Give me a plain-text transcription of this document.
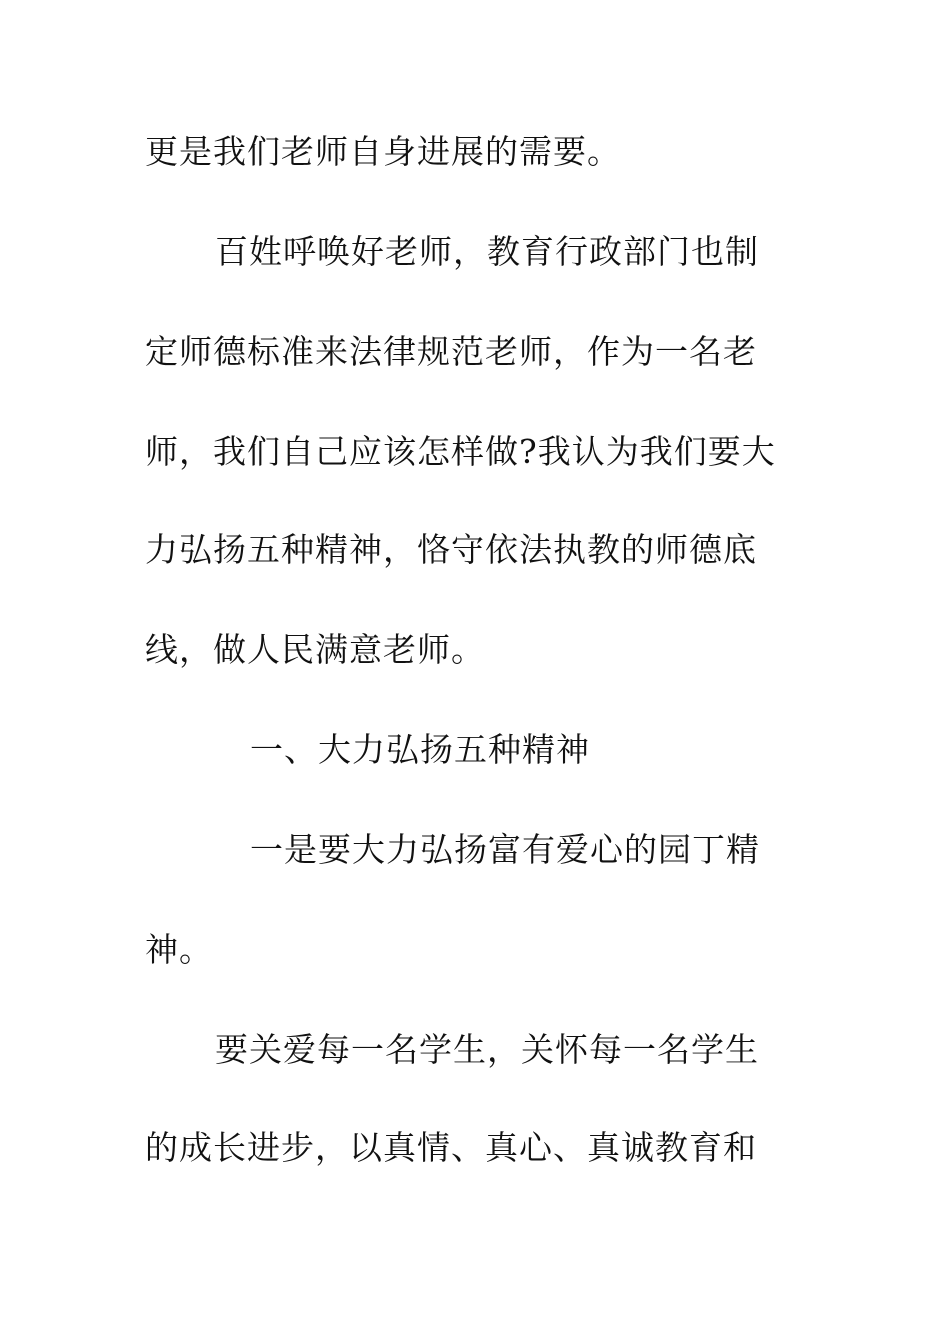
更是我们老师自身进展的需要。
百姓呼唤好老师，教育行政部门也制
定师德标准来法律规范老师，作为一名老
师，我们自己应该怎样做?我认为我们要大
力弘扬五种精神，恪守依法执教的师德底
线，做人民满意老师。
一、大力弘扬五种精神
一是要大力弘扬富有爱心的园丁精
神。
要关爱每一名学生，关怀每一名学生
的成长进步，以真情、真心、真诚教育和
